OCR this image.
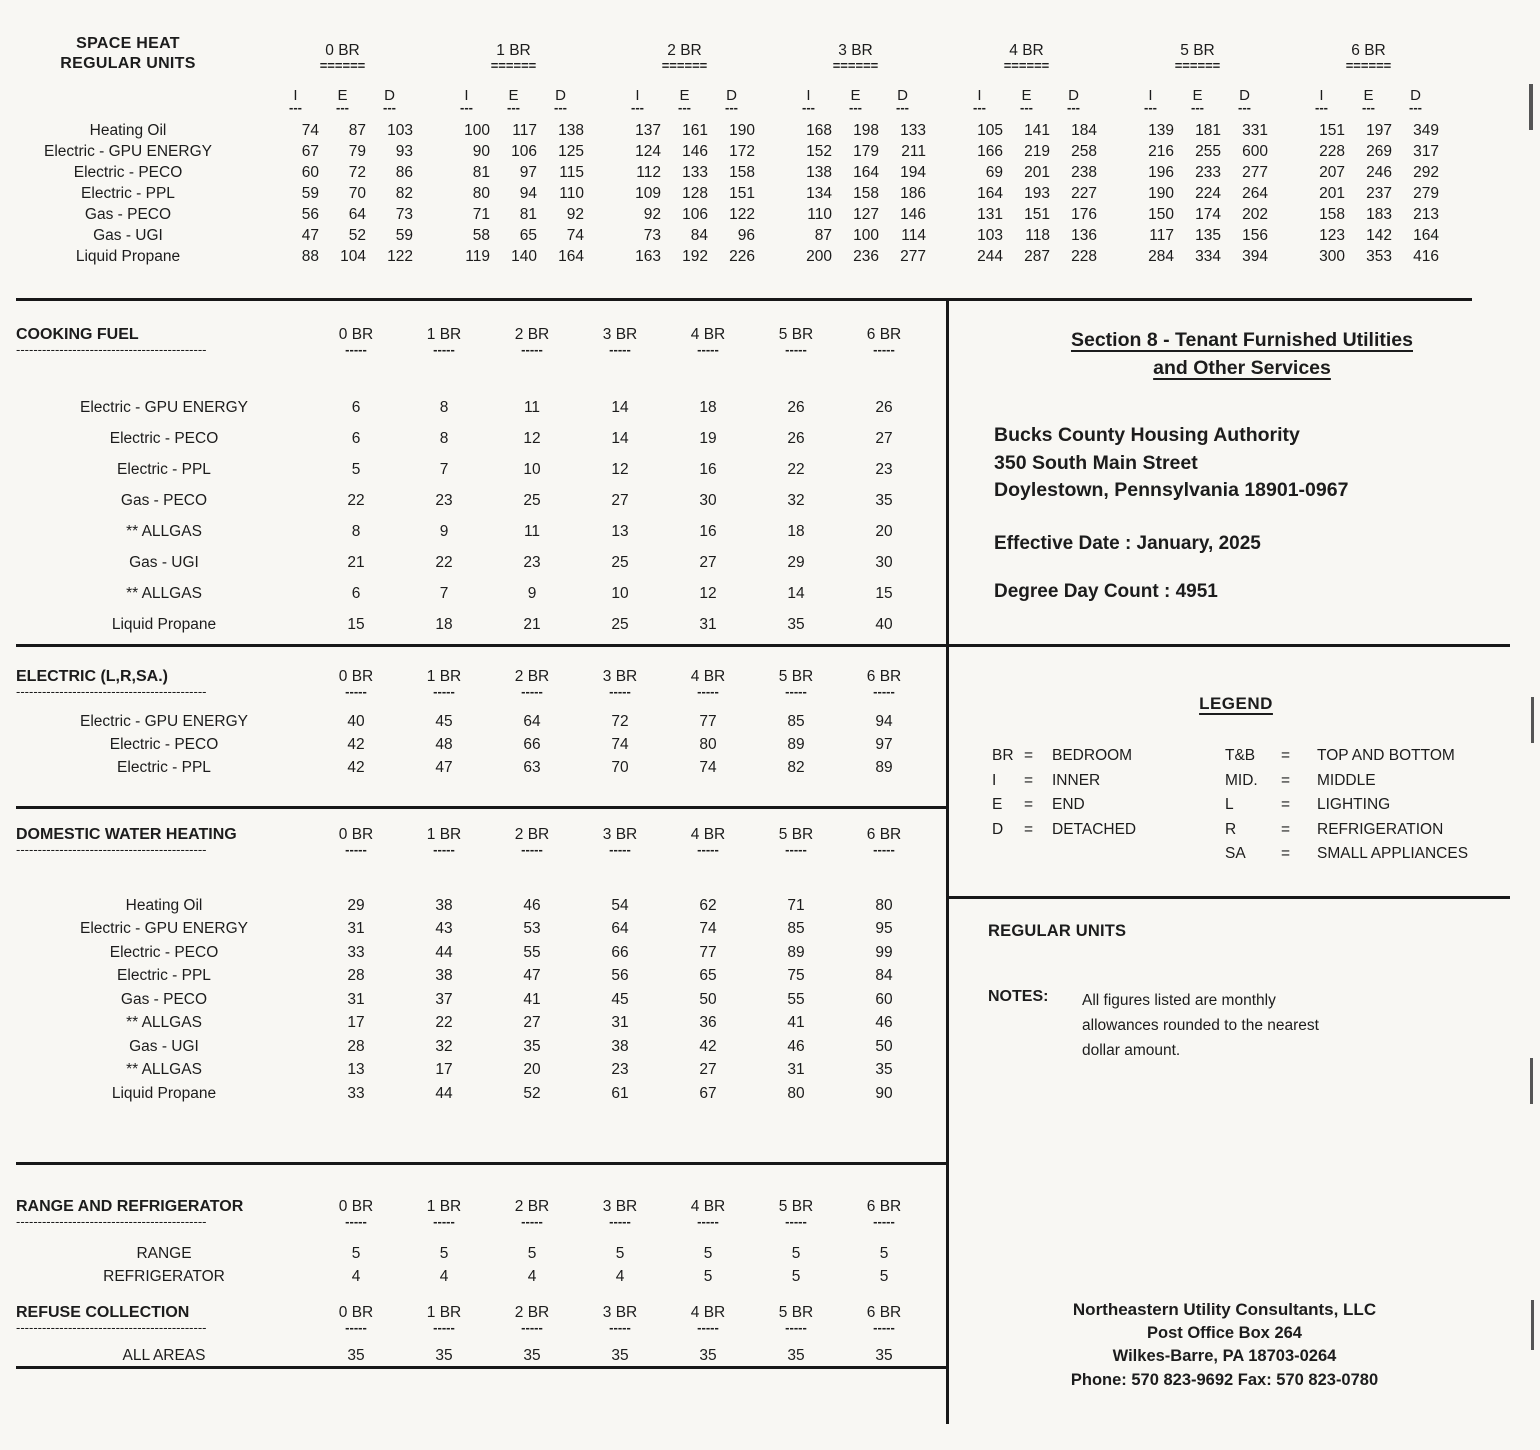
SPACE HEAT
REGULAR UNITS		0 BR				1 BR				2 BR				3 BR				4 BR				5 BR				6 BR		
		======				======				======				======				======				======				======		
		I	E	D		I	E	D		I	E	D		I	E	D		I	E	D		I	E	D		I	E	D
		---	---	---		---	---	---		---	---	---		---	---	---		---	---	---		---	---	---		---	---	---
Heating Oil		74	87	103		100	117	138		137	161	190		168	198	133		105	141	184		139	181	331		151	197	349
Electric - GPU ENERGY		67	79	93		90	106	125		124	146	172		152	179	211		166	219	258		216	255	600		228	269	317
Electric - PECO		60	72	86		81	97	115		112	133	158		138	164	194		69	201	238		196	233	277		207	246	292
Electric - PPL		59	70	82		80	94	110		109	128	151		134	158	186		164	193	227		190	224	264		201	237	279
Gas - PECO		56	64	73		71	81	92		92	106	122		110	127	146		131	151	176		150	174	202		158	183	213
Gas - UGI		47	52	59		58	65	74		73	84	96		87	100	114		103	118	136		117	135	156		123	142	164
Liquid Propane		88	104	122		119	140	164		163	192	226		200	236	277		244	287	228		284	334	394		300	353	416
COOKING FUEL	0 BR	1 BR	2 BR	3 BR	4 BR	5 BR	6 BR
--------------------------------------------	-----	-----	-----	-----	-----	-----	-----

Electric - GPU ENERGY	6	8	11	14	18	26	26
Electric - PECO	6	8	12	14	19	26	27
Electric - PPL	5	7	10	12	16	22	23
Gas - PECO	22	23	25	27	30	32	35
** ALLGAS	8	9	11	13	16	18	20
Gas - UGI	21	22	23	25	27	29	30
** ALLGAS	6	7	9	10	12	14	15
Liquid Propane	15	18	21	25	31	35	40
ELECTRIC (L,R,SA.)	0 BR	1 BR	2 BR	3 BR	4 BR	5 BR	6 BR
--------------------------------------------	-----	-----	-----	-----	-----	-----	-----

Electric - GPU ENERGY	40	45	64	72	77	85	94
Electric - PECO	42	48	66	74	80	89	97
Electric - PPL	42	47	63	70	74	82	89
DOMESTIC WATER HEATING	0 BR	1 BR	2 BR	3 BR	4 BR	5 BR	6 BR
--------------------------------------------	-----	-----	-----	-----	-----	-----	-----

Heating Oil	29	38	46	54	62	71	80
Electric - GPU ENERGY	31	43	53	64	74	85	95
Electric - PECO	33	44	55	66	77	89	99
Electric - PPL	28	38	47	56	65	75	84
Gas - PECO	31	37	41	45	50	55	60
** ALLGAS	17	22	27	31	36	41	46
Gas - UGI	28	32	35	38	42	46	50
** ALLGAS	13	17	20	23	27	31	35
Liquid Propane	33	44	52	61	67	80	90
RANGE AND REFRIGERATOR	0 BR	1 BR	2 BR	3 BR	4 BR	5 BR	6 BR
--------------------------------------------	-----	-----	-----	-----	-----	-----	-----

RANGE	5	5	5	5	5	5	5
REFRIGERATOR	4	4	4	4	5	5	5
REFUSE COLLECTION	0 BR	1 BR	2 BR	3 BR	4 BR	5 BR	6 BR
--------------------------------------------	-----	-----	-----	-----	-----	-----	-----

ALL AREAS	35	35	35	35	35	35	35
Section 8 - Tenant Furnished Utilities
and Other Services
Bucks County Housing Authority
350 South Main Street
Doylestown, Pennsylvania 18901-0967
Effective Date : January, 2025
Degree Day Count : 4951
LEGEND
BR =	BEDROOM
I	=	INNER
E	=	END
D	=	DETACHED
T&B	=	TOP AND BOTTOM
MID.	=	MIDDLE
L	=	LIGHTING
R	=	REFRIGERATION
SA	=	SMALL APPLIANCES
REGULAR UNITS
NOTES:	All figures listed are monthly
allowances rounded to the nearest
dollar amount.
Northeastern Utility Consultants, LLC
Post Office Box 264
Wilkes-Barre, PA 18703-0264
Phone: 570 823-9692 Fax: 570 823-0780
